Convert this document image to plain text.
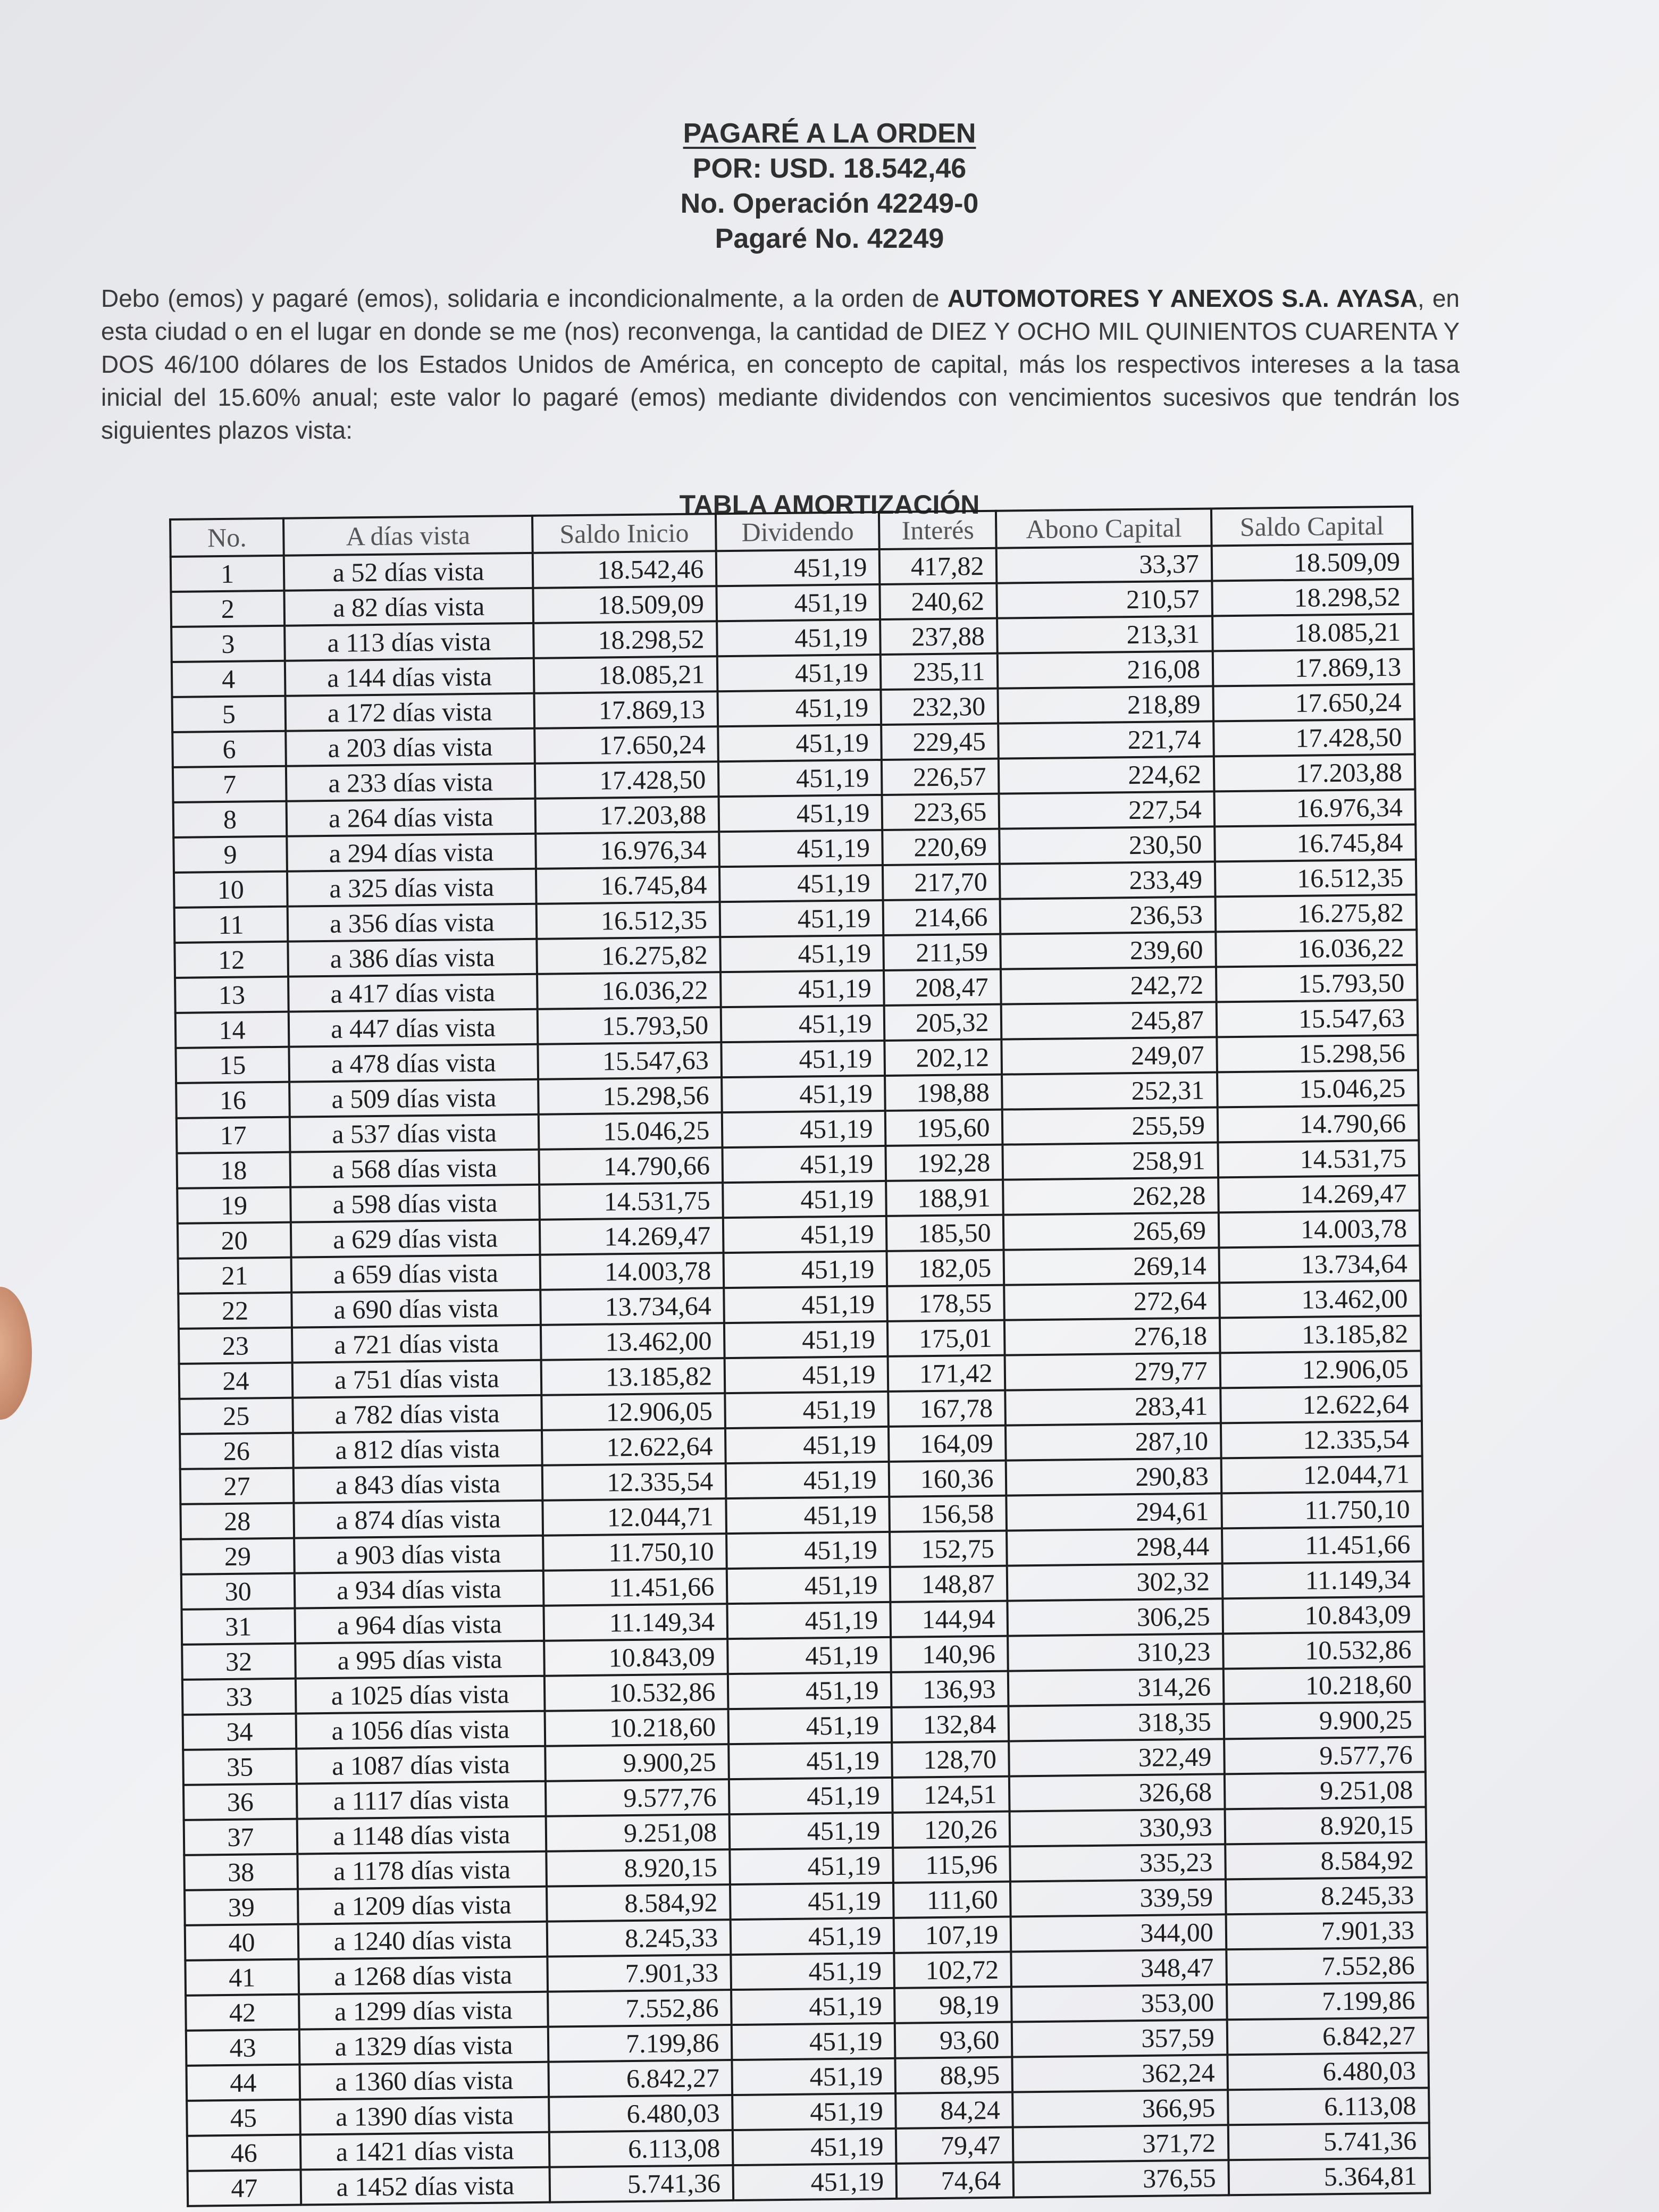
PAGARÉ A LA ORDEN
POR: USD. 18.542,46
No. Operación 42249-0
Pagaré No. 42249
Debo (emos) y pagaré (emos), solidaria e incondicionalmente, a la orden de AUTOMOTORES Y ANEXOS S.A. AYASA, en esta ciudad o en el lugar en donde se me (nos) reconvenga, la cantidad de DIEZ Y OCHO MIL QUINIENTOS CUARENTA Y DOS 46/100 dólares de los Estados Unidos de América, en concepto de capital, más los respectivos intereses a la tasa inicial del 15.60% anual; este valor lo pagaré (emos) mediante dividendos con vencimientos sucesivos que tendrán los siguientes plazos vista:
TABLA AMORTIZACIÓN
No.	A días vista	Saldo Inicio	Dividendo	Interés	Abono Capital	Saldo Capital
1	a 52 días vista	18.542,46	451,19	417,82	33,37	18.509,09
2	a 82 días vista	18.509,09	451,19	240,62	210,57	18.298,52
3	a 113 días vista	18.298,52	451,19	237,88	213,31	18.085,21
4	a 144 días vista	18.085,21	451,19	235,11	216,08	17.869,13
5	a 172 días vista	17.869,13	451,19	232,30	218,89	17.650,24
6	a 203 días vista	17.650,24	451,19	229,45	221,74	17.428,50
7	a 233 días vista	17.428,50	451,19	226,57	224,62	17.203,88
8	a 264 días vista	17.203,88	451,19	223,65	227,54	16.976,34
9	a 294 días vista	16.976,34	451,19	220,69	230,50	16.745,84
10	a 325 días vista	16.745,84	451,19	217,70	233,49	16.512,35
11	a 356 días vista	16.512,35	451,19	214,66	236,53	16.275,82
12	a 386 días vista	16.275,82	451,19	211,59	239,60	16.036,22
13	a 417 días vista	16.036,22	451,19	208,47	242,72	15.793,50
14	a 447 días vista	15.793,50	451,19	205,32	245,87	15.547,63
15	a 478 días vista	15.547,63	451,19	202,12	249,07	15.298,56
16	a 509 días vista	15.298,56	451,19	198,88	252,31	15.046,25
17	a 537 días vista	15.046,25	451,19	195,60	255,59	14.790,66
18	a 568 días vista	14.790,66	451,19	192,28	258,91	14.531,75
19	a 598 días vista	14.531,75	451,19	188,91	262,28	14.269,47
20	a 629 días vista	14.269,47	451,19	185,50	265,69	14.003,78
21	a 659 días vista	14.003,78	451,19	182,05	269,14	13.734,64
22	a 690 días vista	13.734,64	451,19	178,55	272,64	13.462,00
23	a 721 días vista	13.462,00	451,19	175,01	276,18	13.185,82
24	a 751 días vista	13.185,82	451,19	171,42	279,77	12.906,05
25	a 782 días vista	12.906,05	451,19	167,78	283,41	12.622,64
26	a 812 días vista	12.622,64	451,19	164,09	287,10	12.335,54
27	a 843 días vista	12.335,54	451,19	160,36	290,83	12.044,71
28	a 874 días vista	12.044,71	451,19	156,58	294,61	11.750,10
29	a 903 días vista	11.750,10	451,19	152,75	298,44	11.451,66
30	a 934 días vista	11.451,66	451,19	148,87	302,32	11.149,34
31	a 964 días vista	11.149,34	451,19	144,94	306,25	10.843,09
32	a 995 días vista	10.843,09	451,19	140,96	310,23	10.532,86
33	a 1025 días vista	10.532,86	451,19	136,93	314,26	10.218,60
34	a 1056 días vista	10.218,60	451,19	132,84	318,35	9.900,25
35	a 1087 días vista	9.900,25	451,19	128,70	322,49	9.577,76
36	a 1117 días vista	9.577,76	451,19	124,51	326,68	9.251,08
37	a 1148 días vista	9.251,08	451,19	120,26	330,93	8.920,15
38	a 1178 días vista	8.920,15	451,19	115,96	335,23	8.584,92
39	a 1209 días vista	8.584,92	451,19	111,60	339,59	8.245,33
40	a 1240 días vista	8.245,33	451,19	107,19	344,00	7.901,33
41	a 1268 días vista	7.901,33	451,19	102,72	348,47	7.552,86
42	a 1299 días vista	7.552,86	451,19	98,19	353,00	7.199,86
43	a 1329 días vista	7.199,86	451,19	93,60	357,59	6.842,27
44	a 1360 días vista	6.842,27	451,19	88,95	362,24	6.480,03
45	a 1390 días vista	6.480,03	451,19	84,24	366,95	6.113,08
46	a 1421 días vista	6.113,08	451,19	79,47	371,72	5.741,36
47	a 1452 días vista	5.741,36	451,19	74,64	376,55	5.364,81
